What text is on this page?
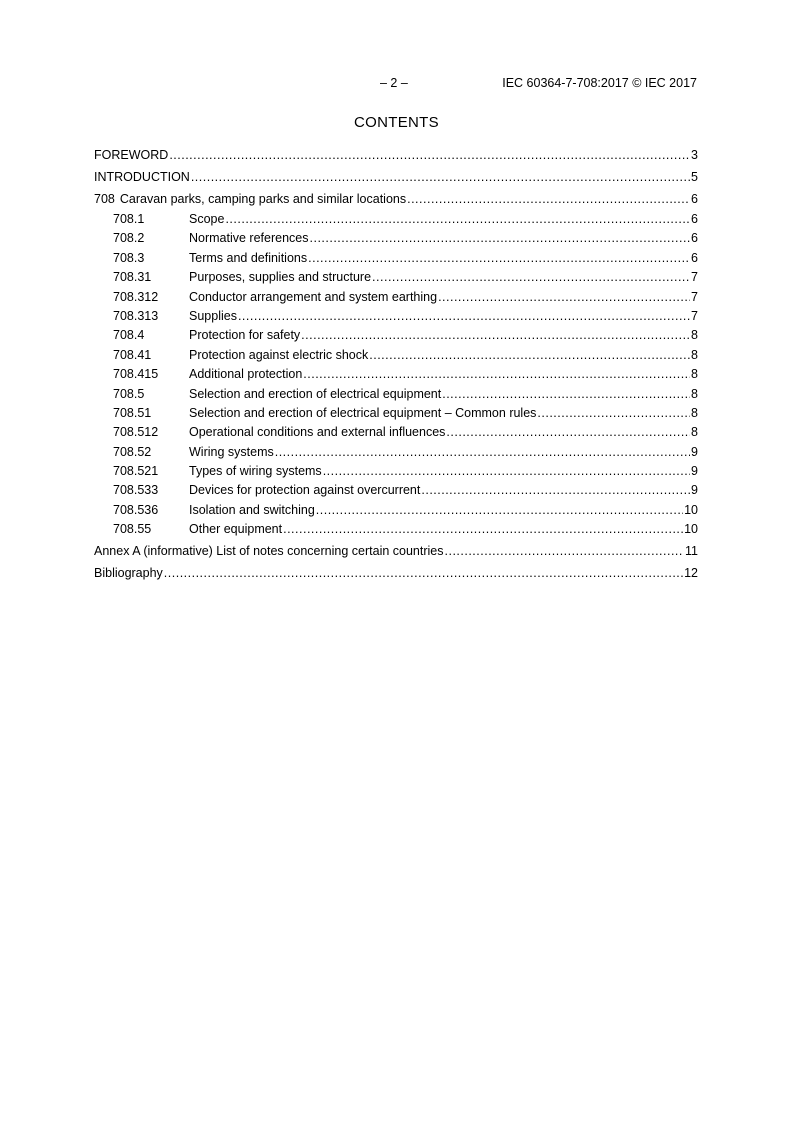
– 2 –	IEC 60364-7-708:2017 © IEC 2017
CONTENTS
FOREWORD .....	3
INTRODUCTION .....	5
708 Caravan parks, camping parks and similar locations .....	6
708.1	Scope .....	6
708.2	Normative references .....	6
708.3	Terms and definitions .....	6
708.31	Purposes, supplies and structure .....	7
708.312	Conductor arrangement and system earthing .....	7
708.313	Supplies .....	7
708.4	Protection for safety .....	8
708.41	Protection against electric shock .....	8
708.415	Additional protection .....	8
708.5	Selection and erection of electrical equipment .....	8
708.51	Selection and erection of electrical equipment – Common rules .....	8
708.512	Operational conditions and external influences .....	8
708.52	Wiring systems .....	9
708.521	Types of wiring systems .....	9
708.533	Devices for protection against overcurrent .....	9
708.536	Isolation and switching .....	10
708.55	Other equipment .....	10
Annex A (informative) List of notes concerning certain countries .....	11
Bibliography .....	12
